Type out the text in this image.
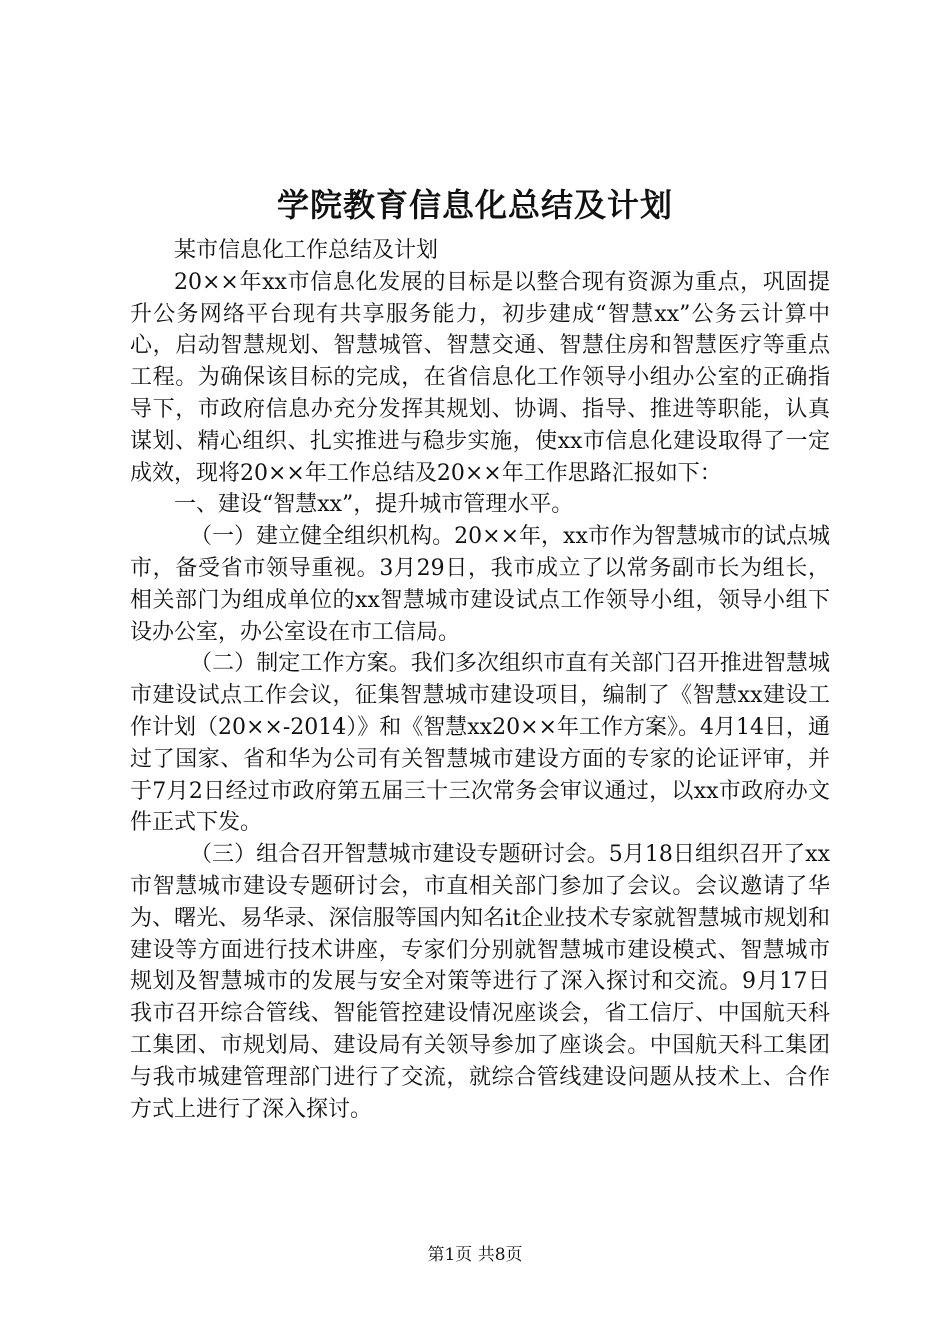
学院教育信息化总结及计划

某市信息化工作总结及计划

20××年xx市信息化发展的目标是以整合现有资源为重点，巩固提升公务网络平台现有共享服务能力，初步建成“智慧xx”公务云计算中心，启动智慧规划、智慧城管、智慧交通、智慧住房和智慧医疗等重点工程。为确保该目标的完成，在省信息化工作领导小组办公室的正确指导下，市政府信息办充分发挥其规划、协调、指导、推进等职能，认真谋划、精心组织、扎实推进与稳步实施，使xx市信息化建设取得了一定成效，现将20××年工作总结及20××年工作思路汇报如下：

一、建设“智慧xx”，提升城市管理水平。

（一）建立健全组织机构。20××年，xx市作为智慧城市的试点城市，备受省市领导重视。3月29日，我市成立了以常务副市长为组长，相关部门为组成单位的xx智慧城市建设试点工作领导小组，领导小组下设办公室，办公室设在市工信局。

（二）制定工作方案。我们多次组织市直有关部门召开推进智慧城市建设试点工作会议，征集智慧城市建设项目，编制了《智慧xx建设工作计划（20××-2014）》和《智慧xx20××年工作方案》。4月14日，通过了国家、省和华为公司有关智慧城市建设方面的专家的论证评审，并于7月2日经过市政府第五届三十三次常务会审议通过，以xx市政府办文件正式下发。

（三）组合召开智慧城市建设专题研讨会。5月18日组织召开了xx市智慧城市建设专题研讨会，市直相关部门参加了会议。会议邀请了华为、曙光、易华录、深信服等国内知名it企业技术专家就智慧城市规划和建设等方面进行技术讲座，专家们分别就智慧城市建设模式、智慧城市规划及智慧城市的发展与安全对策等进行了深入探讨和交流。9月17日我市召开综合管线、智能管控建设情况座谈会，省工信厅、中国航天科工集团、市规划局、建设局有关领导参加了座谈会。中国航天科工集团与我市城建管理部门进行了交流，就综合管线建设问题从技术上、合作方式上进行了深入探讨。

第1页 共8页
